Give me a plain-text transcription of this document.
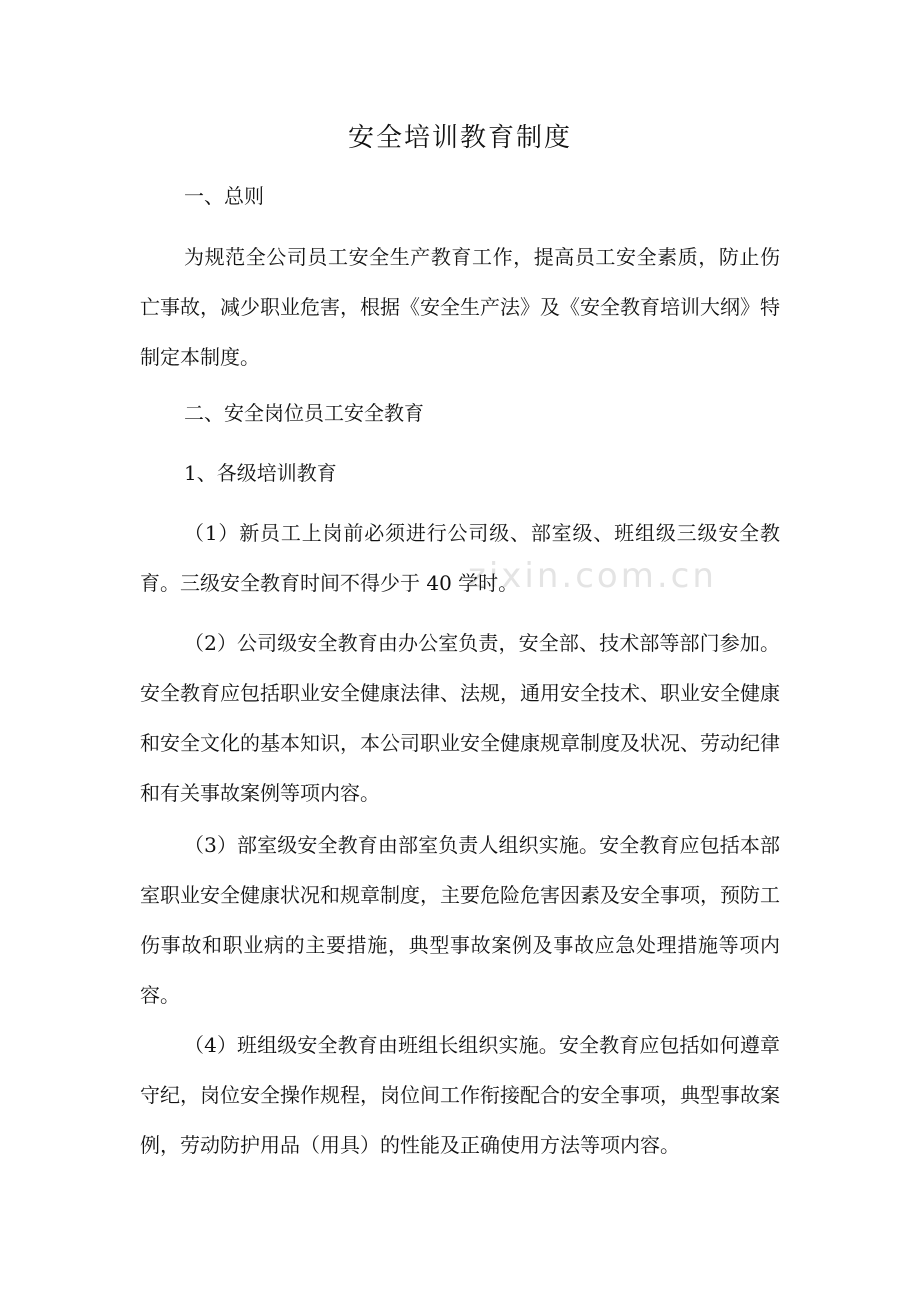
zixin.com.cn
安全培训教育制度
一、总则
为规范全公司员工安全生产教育工作，提高员工安全素质，防止伤亡事故，减少职业危害，根据《安全生产法》及《安全教育培训大纲》特制定本制度。
二、安全岗位员工安全教育
1、各级培训教育
（1）新员工上岗前必须进行公司级、部室级、班组级三级安全教育。三级安全教育时间不得少于 40 学时。
（2）公司级安全教育由办公室负责，安全部、技术部等部门参加。安全教育应包括职业安全健康法律、法规，通用安全技术、职业安全健康和安全文化的基本知识，本公司职业安全健康规章制度及状况、劳动纪律和有关事故案例等项内容。
（3）部室级安全教育由部室负责人组织实施。安全教育应包括本部室职业安全健康状况和规章制度，主要危险危害因素及安全事项，预防工伤事故和职业病的主要措施，典型事故案例及事故应急处理措施等项内容。
（4）班组级安全教育由班组长组织实施。安全教育应包括如何遵章守纪，岗位安全操作规程，岗位间工作衔接配合的安全事项，典型事故案例，劳动防护用品（用具）的性能及正确使用方法等项内容。
